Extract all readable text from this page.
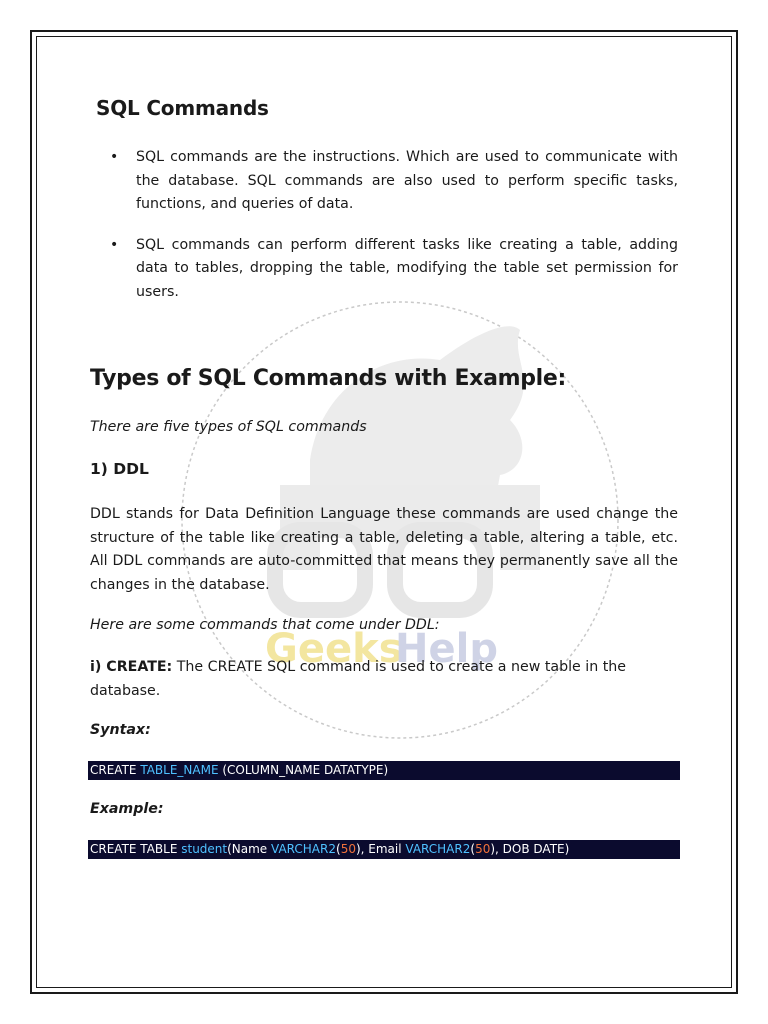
Geeks
Help
SQL Commands
• SQL commands are the instructions. Which are used to communicate with the database. SQL commands are also used to perform specific tasks, functions, and queries of data.
• SQL commands can perform different tasks like creating a table, adding data to tables, dropping the table, modifying the table set permission for users.
Types of SQL Commands with Example:

There are five types of SQL commands

1) DDL

DDL stands for Data Definition Language these commands are used change the structure of the table like creating a table, deleting a table, altering a table, etc. All DDL commands are auto-committed that means they permanently save all the changes in the database.

Here are some commands that come under DDL:

i) CREATE: The CREATE SQL command is used to create a new table in the database.

Syntax:

CREATE TABLE_NAME (COLUMN_NAME DATATYPE)

Example:

CREATE TABLE student(Name VARCHAR2(50), Email VARCHAR2(50), DOB DATE)
